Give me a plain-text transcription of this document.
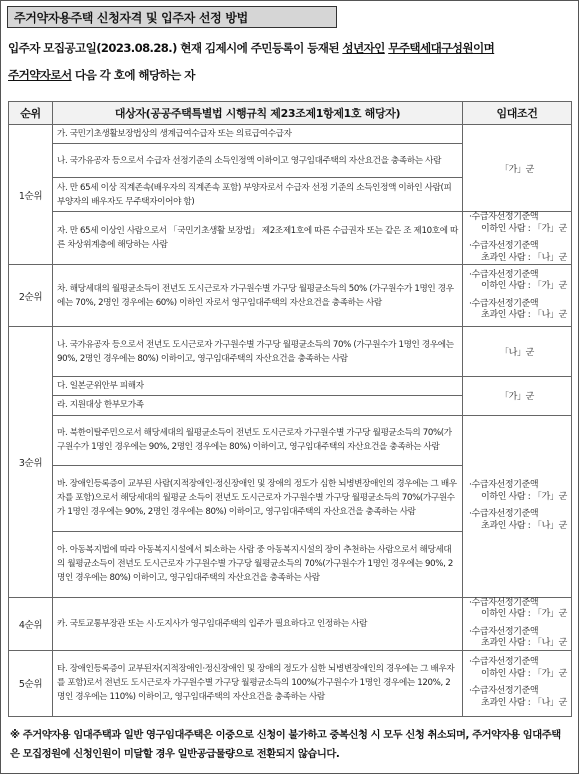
주거약자용주택 신청자격 및 입주자 선정 방법
입주자 모집공고일(2023.08.28.) 현재 김제시에 주민등록이 등재된 성년자인 무주택세대구성원이며
주거약자로서 다음 각 호에 해당하는 자
순위	대상자(공공주택특별법 시행규칙 제23조제1항제1호 해당자)	임대조건
1순위	가. 국민기초생활보장법상의 생계급여수급자 또는 의료급여수급자	「가」군
	나. 국가유공자 등으로서 수급자 선정기준의 소득인정액 이하이고 영구임대주택의 자산요건을 충족하는 사람	
	사. 만 65세 이상 직계존속(배우자의 직계존속 포함) 부양자로서 수급자 선정 기준의 소득인정액 이하인 사람(피부양자의 배우자도 무주택자이어야 함)	
	자. 만 65세 이상인 사람으로서 「국민기초생활 보장법」 제2조제1호에 따른 수급권자 또는 같은 조 제10호에 따른 차상위계층에 해당하는 사람	·수급자선정기준액
이하인 사람 : 「가」군
·수급자선정기준액
초과인 사람 : 「나」군

2순위	차. 해당세대의 월평균소득이 전년도 도시근로자 가구원수별 가구당 월평균소득의 50% (가구원수가 1명인 경우에는 70%, 2명인 경우에는 60%) 이하인 자로서 영구임대주택의 자산요건을 충족하는 사람	·수급자선정기준액
이하인 사람 : 「가」군
·수급자선정기준액
초과인 사람 : 「나」군

3순위	나. 국가유공자 등으로서 전년도 도시근로자 가구원수별 가구당 월평균소득의 70% (가구원수가 1명인 경우에는 90%, 2명인 경우에는 80%) 이하이고, 영구임대주택의 자산요건을 충족하는 사람	「나」군
	다. 일본군위안부 피해자	「가」군
	라. 지원대상 한부모가족	
	마. 북한이탈주민으로서 해당세대의 월평균소득이 전년도 도시근로자 가구원수별 가구당 월평균소득의 70%(가구원수가 1명인 경우에는 90%, 2명인 경우에는 80%) 이하이고, 영구임대주택의 자산요건을 충족하는 사람	·수급자선정기준액
이하인 사람 : 「가」군
·수급자선정기준액
초과인 사람 : 「나」군

	바. 장애인등록증이 교부된 사람(지적장애인·정신장애인 및 장애의 정도가 심한 뇌병변장애인의 경우에는 그 배우자를 포함)으로서 해당세대의 월평균 소득이 전년도 도시근로자 가구원수별 가구당 월평균소득의 70%(가구원수가 1명인 경우에는 90%, 2명인 경우에는 80%) 이하이고, 영구임대주택의 자산요건을 충족하는 사람	
	아. 아동복지법에 따라 아동복지시설에서 퇴소하는 사람 중 아동복지시설의 장이 추천하는 사람으로서 해당세대의 월평균소득이 전년도 도시근로자 가구원수별 가구당 월평균소득의 70%(가구원수가 1명인 경우에는 90%, 2명인 경우에는 80%) 이하이고, 영구임대주택의 자산요건을 충족하는 사람	
4순위	카. 국토교통부장관 또는 시·도지사가 영구임대주택의 입주가 필요하다고 인정하는 사람	·수급자선정기준액
이하인 사람 : 「가」군
·수급자선정기준액
초과인 사람 : 「나」군

5순위	타. 장애인등록증이 교부된자(지적장애인·정신장애인 및 장애의 정도가 심한 뇌병변장애인의 경우에는 그 배우자를 포함)로서 전년도 도시근로자 가구원수별 가구당 월평균소득의 100%(가구원수가 1명인 경우에는 120%, 2명인 경우에는 110%) 이하이고, 영구임대주택의 자산요건을 충족하는 사람	·수급자선정기준액
이하인 사람 : 「가」군
·수급자선정기준액
초과인 사람 : 「나」군
※ 주거약자용 임대주택과 일반 영구임대주택은 이중으로 신청이 불가하고 중복신청 시 모두 신청 취소되며, 주거약자용 임대주택은 모집정원에 신청인원이 미달할 경우 일반공급물량으로 전환되지 않습니다.
